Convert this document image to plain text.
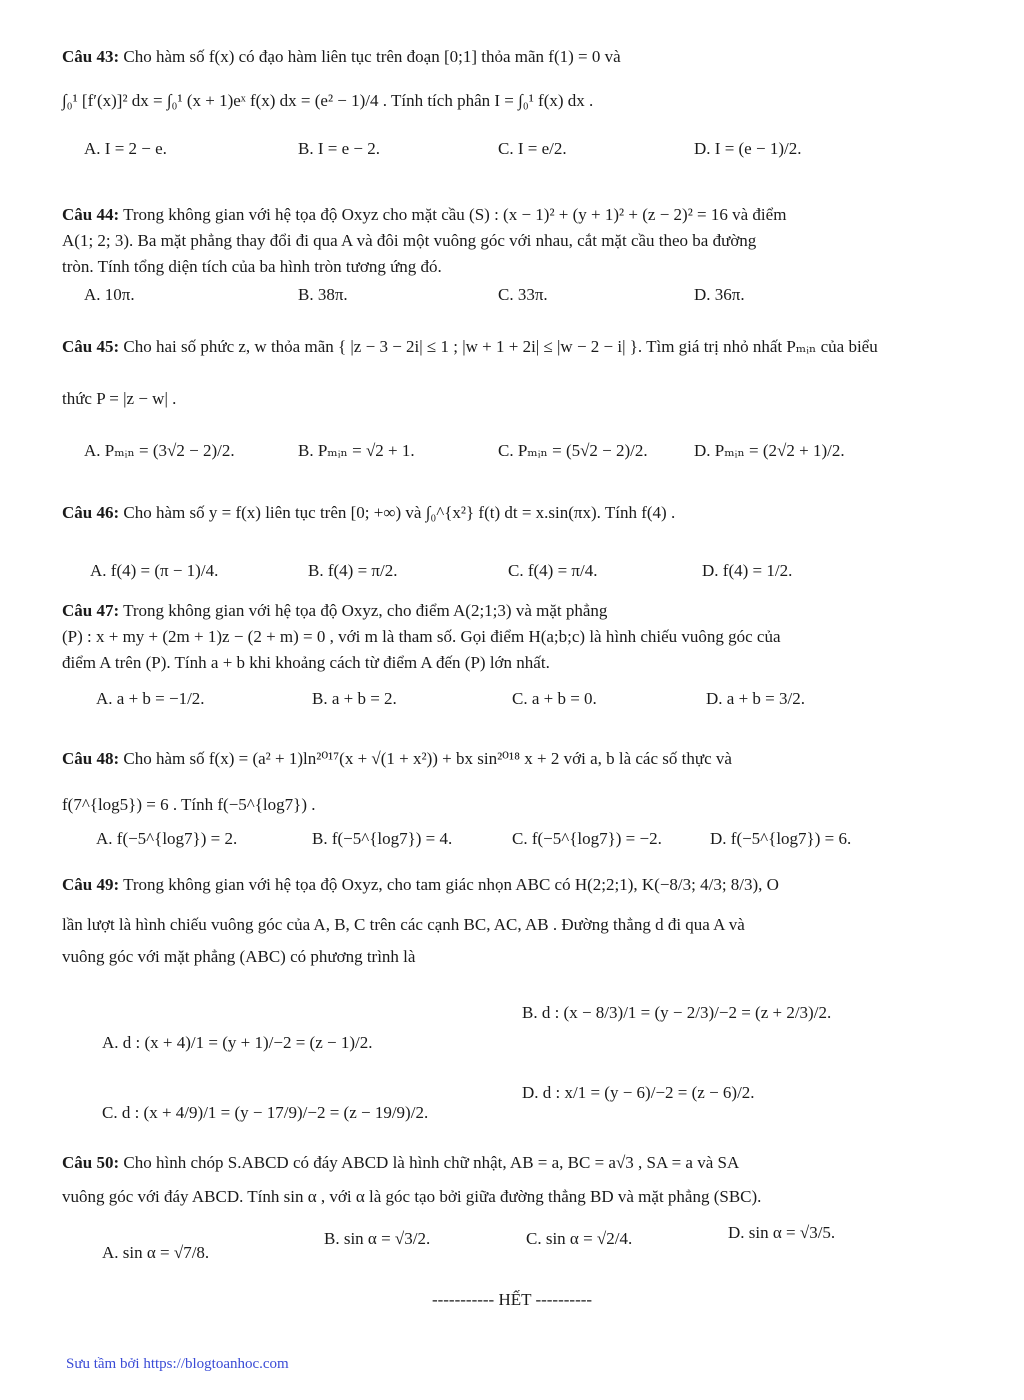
Câu 43: Cho hàm số f(x) có đạo hàm liên tục trên đoạn [0;1] thỏa mãn f(1) = 0 và
∫₀¹ [f′(x)]² dx = ∫₀¹ (x + 1)eˣ f(x) dx = (e² − 1)/4 . Tính tích phân I = ∫₀¹ f(x) dx .
A. I = 2 − e.	B. I = e − 2.	C. I = e/2.	D. I = (e − 1)/2.
Câu 44: Trong không gian với hệ tọa độ Oxyz cho mặt cầu (S) : (x − 1)² + (y + 1)² + (z − 2)² = 16 và điểm
A(1; 2; 3). Ba mặt phẳng thay đổi đi qua A và đôi một vuông góc với nhau, cắt mặt cầu theo ba đường
tròn. Tính tổng diện tích của ba hình tròn tương ứng đó.
A. 10π.	B. 38π.	C. 33π.	D. 36π.
Câu 45: Cho hai số phức z, w thỏa mãn { |z − 3 − 2i| ≤ 1 ; |w + 1 + 2i| ≤ |w − 2 − i| }. Tìm giá trị nhỏ nhất Pₘᵢₙ của biểu
thức P = |z − w| .
A. Pₘᵢₙ = (3√2 − 2)/2.	B. Pₘᵢₙ = √2 + 1.	C. Pₘᵢₙ = (5√2 − 2)/2.	D. Pₘᵢₙ = (2√2 + 1)/2.
Câu 46: Cho hàm số y = f(x) liên tục trên [0; +∞) và ∫₀^{x²} f(t) dt = x.sin(πx). Tính f(4) .
A. f(4) = (π − 1)/4.	B. f(4) = π/2.	C. f(4) = π/4.	D. f(4) = 1/2.
Câu 47: Trong không gian với hệ tọa độ Oxyz, cho điểm A(2;1;3) và mặt phẳng
(P) : x + my + (2m + 1)z − (2 + m) = 0 , với m là tham số. Gọi điểm H(a;b;c) là hình chiếu vuông góc của
điểm A trên (P). Tính a + b khi khoảng cách từ điểm A đến (P) lớn nhất.
A. a + b = −1/2.	B. a + b = 2.	C. a + b = 0.	D. a + b = 3/2.
Câu 48: Cho hàm số f(x) = (a² + 1)ln²⁰¹⁷(x + √(1 + x²)) + bx sin²⁰¹⁸ x + 2 với a, b là các số thực và
f(7^{log5}) = 6 . Tính f(−5^{log7}) .
A. f(−5^{log7}) = 2.	B. f(−5^{log7}) = 4.	C. f(−5^{log7}) = −2.	D. f(−5^{log7}) = 6.
Câu 49: Trong không gian với hệ tọa độ Oxyz, cho tam giác nhọn ABC có H(2;2;1), K(−8/3; 4/3; 8/3), O
lần lượt là hình chiếu vuông góc của A, B, C trên các cạnh BC, AC, AB . Đường thẳng d đi qua A và
vuông góc với mặt phẳng (ABC) có phương trình là
A. d : (x + 4)/1 = (y + 1)/−2 = (z − 1)/2.
B. d : (x − 8/3)/1 = (y − 2/3)/−2 = (z + 2/3)/2.
C. d : (x + 4/9)/1 = (y − 17/9)/−2 = (z − 19/9)/2.
D. d : x/1 = (y − 6)/−2 = (z − 6)/2.
Câu 50: Cho hình chóp S.ABCD có đáy ABCD là hình chữ nhật, AB = a, BC = a√3 , SA = a và SA
vuông góc với đáy ABCD. Tính sin α , với α là góc tạo bởi giữa đường thẳng BD và mặt phẳng (SBC).
A. sin α = √7/8.
B. sin α = √3/2.	C. sin α = √2/4.	D. sin α = √3/5.
----------- HẾT ----------
Sưu tầm bởi https://blogtoanhoc.com
